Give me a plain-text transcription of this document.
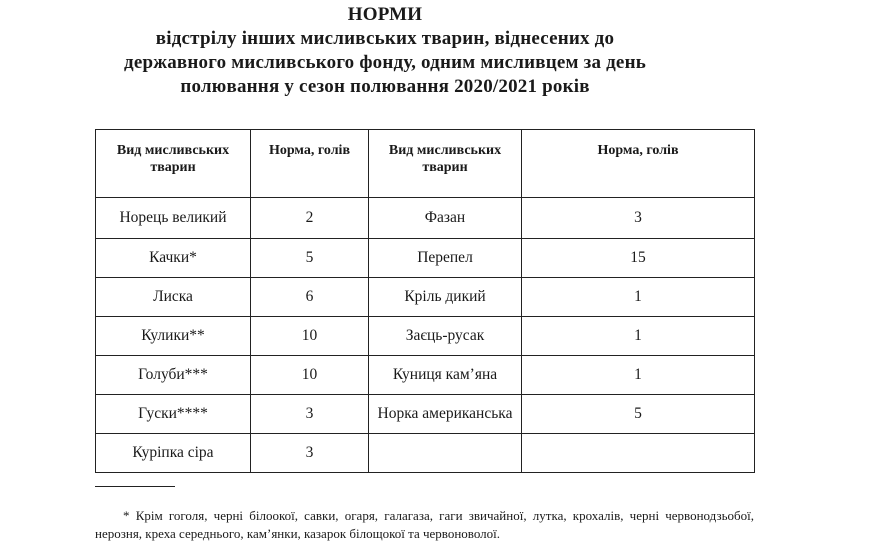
НОРМИ
відстрілу інших мисливських тварин, віднесених до
державного мисливського фонду, одним мисливцем за день
полювання у сезон полювання 2020/2021 років
Вид мисливських тварин	Норма, голів	Вид мисливських тварин	Норма, голів
Норець великий	2	Фазан	3
Качки*	5	Перепел	15
Лиска	6	Кріль дикий	1
Кулики**	10	Заєць-русак	1
Голуби***	10	Куниця кам’яна	1
Гуски****	3	Норка американська	5
Куріпка сіра	3		
* Крім гоголя, чернi білоокої, савки, огаря, галагаза, гаги звичайної, лутка, крохалів, чернi червонодзьобої, нерозня, креха середнього, кам’янки, казарок білощокої та червоноволої.
